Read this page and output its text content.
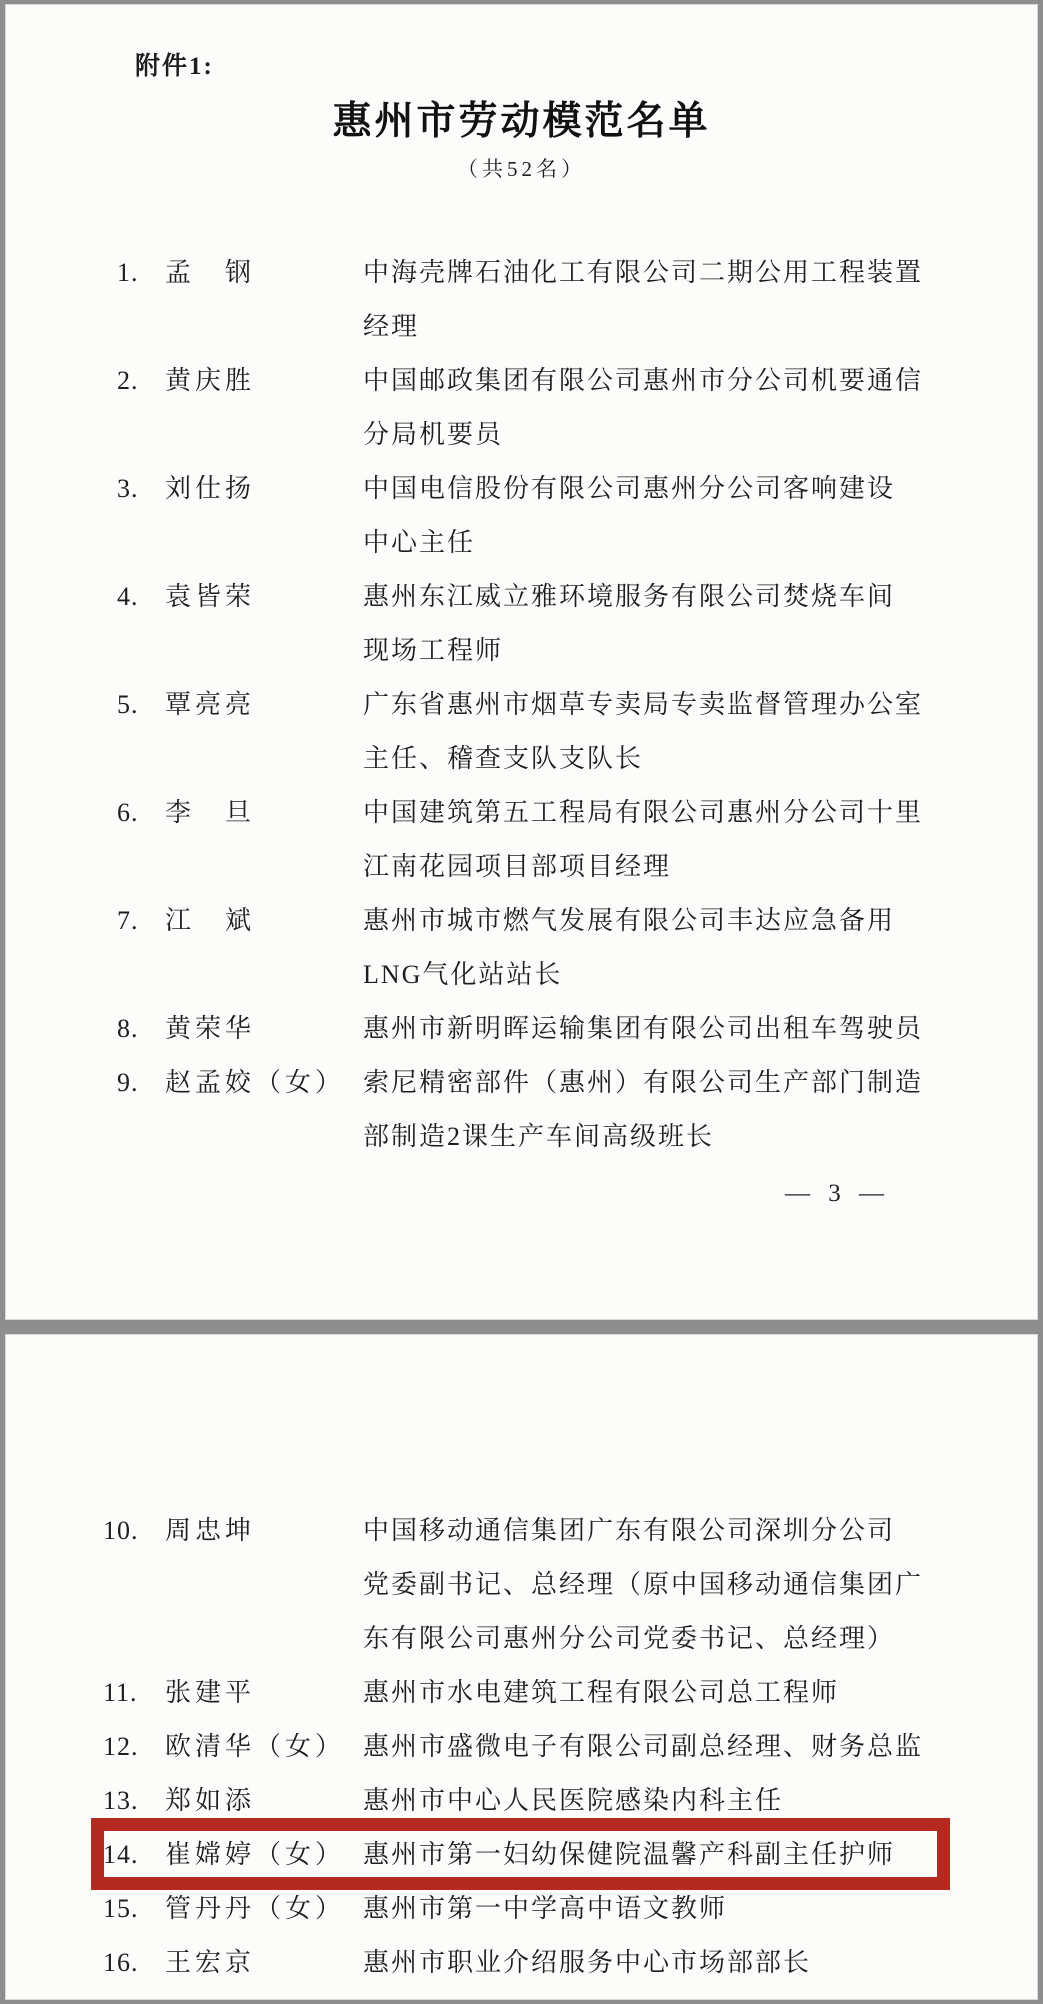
附件1:
惠州市劳动模范名单
（共52名）
1.	孟　钢	中海壳牌石油化工有限公司二期公用工程装置
经理
2.	黄庆胜	中国邮政集团有限公司惠州市分公司机要通信
分局机要员
3.	刘仕扬	中国电信股份有限公司惠州分公司客响建设
中心主任
4.	袁皆荣	惠州东江威立雅环境服务有限公司焚烧车间
现场工程师
5.	覃亮亮	广东省惠州市烟草专卖局专卖监督管理办公室
主任、稽查支队支队长
6.	李　旦	中国建筑第五工程局有限公司惠州分公司十里
江南花园项目部项目经理
7.	江　斌	惠州市城市燃气发展有限公司丰达应急备用
LNG气化站站长
8.	黄荣华	惠州市新明晖运输集团有限公司出租车驾驶员
9.	赵孟姣（女） 索尼精密部件（惠州）有限公司生产部门制造
部制造2课生产车间高级班长
— 3 —
10.	周忠坤	中国移动通信集团广东有限公司深圳分公司
党委副书记、总经理（原中国移动通信集团广
东有限公司惠州分公司党委书记、总经理）
11.	张建平	惠州市水电建筑工程有限公司总工程师
12.	欧清华（女） 惠州市盛微电子有限公司副总经理、财务总监
13.	郑如添	惠州市中心人民医院感染内科主任
14.	崔嫦婷（女） 惠州市第一妇幼保健院温馨产科副主任护师
15.	管丹丹（女） 惠州市第一中学高中语文教师
16.	王宏京	惠州市职业介绍服务中心市场部部长
